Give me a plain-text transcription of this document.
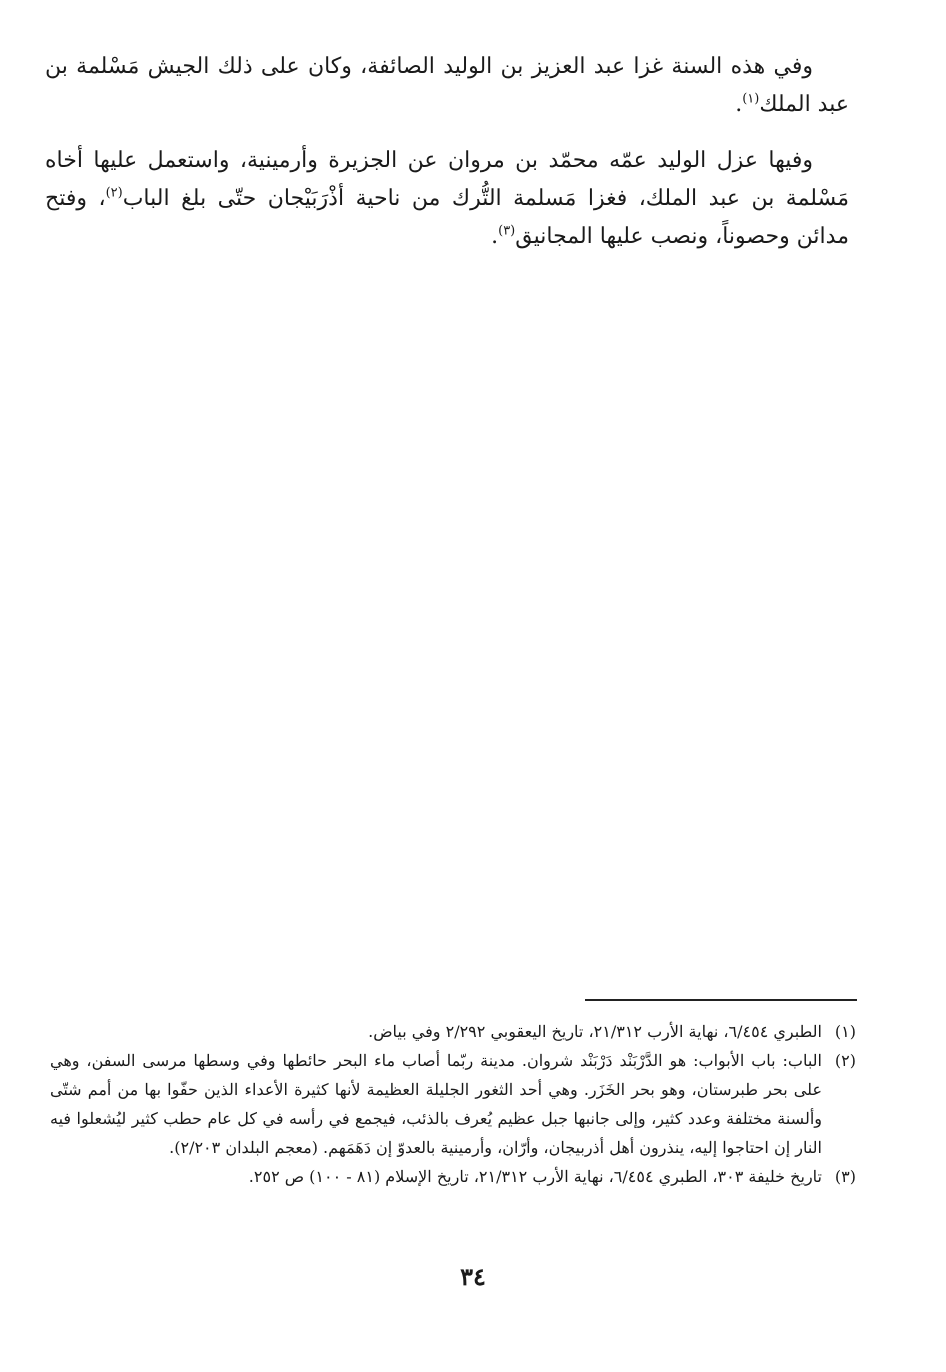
وفي هذه السنة غزا عبد العزيز بن الوليد الصائفة، وكان على ذلك الجيش مَسْلمة بن عبد الملك$^{(١)}$.

وفيها عزل الوليد عمّه محمّد بن مروان عن الجزيرة وأرمينية، واستعمل عليها أخاه مَسْلمة بن عبد الملك، فغزا مَسلمة التُّرك من ناحية أذْرَبَيْجان حتّى بلغ الباب$^{(٢)}$، وفتح مدائن وحصوناً، ونصب عليها المجانيق$^{(٣)}$.

(١)
الطبري ٦/٤٥٤، نهاية الأرب ٢١/٣١٢، تاريخ اليعقوبي ٢/٢٩٢ وفي بياض.
(٢)
الباب: باب الأبواب: هو الدَّرْبَنْد دَرْبَنْد شروان. مدينة ربّما أصاب ماء البحر حائطها وفي وسطها مرسى السفن، وهي على بحر طبرستان، وهو بحر الخَزَر. وهي أحد الثغور الجليلة العظيمة لأنها كثيرة الأعداء الذين حفّوا بها من أمم شتّى وألسنة مختلفة وعدد كثير، وإلى جانبها جبل عظيم يُعرف بالذئب، فيجمع في رأسه في كل عام حطب كثير ليُشعلوا فيه النار إن احتاجوا إليه، ينذرون أهل أذربيجان، وأرّان، وأرمينية بالعدوّ إن دَهَمَهم. (معجم البلدان ٢/٢٠٣).
(٣)
تاريخ خليفة ٣٠٣، الطبري ٦/٤٥٤، نهاية الأرب ٢١/٣١٢، تاريخ الإسلام (٨١ - ١٠٠) ص ٢٥٢.
٣٤
